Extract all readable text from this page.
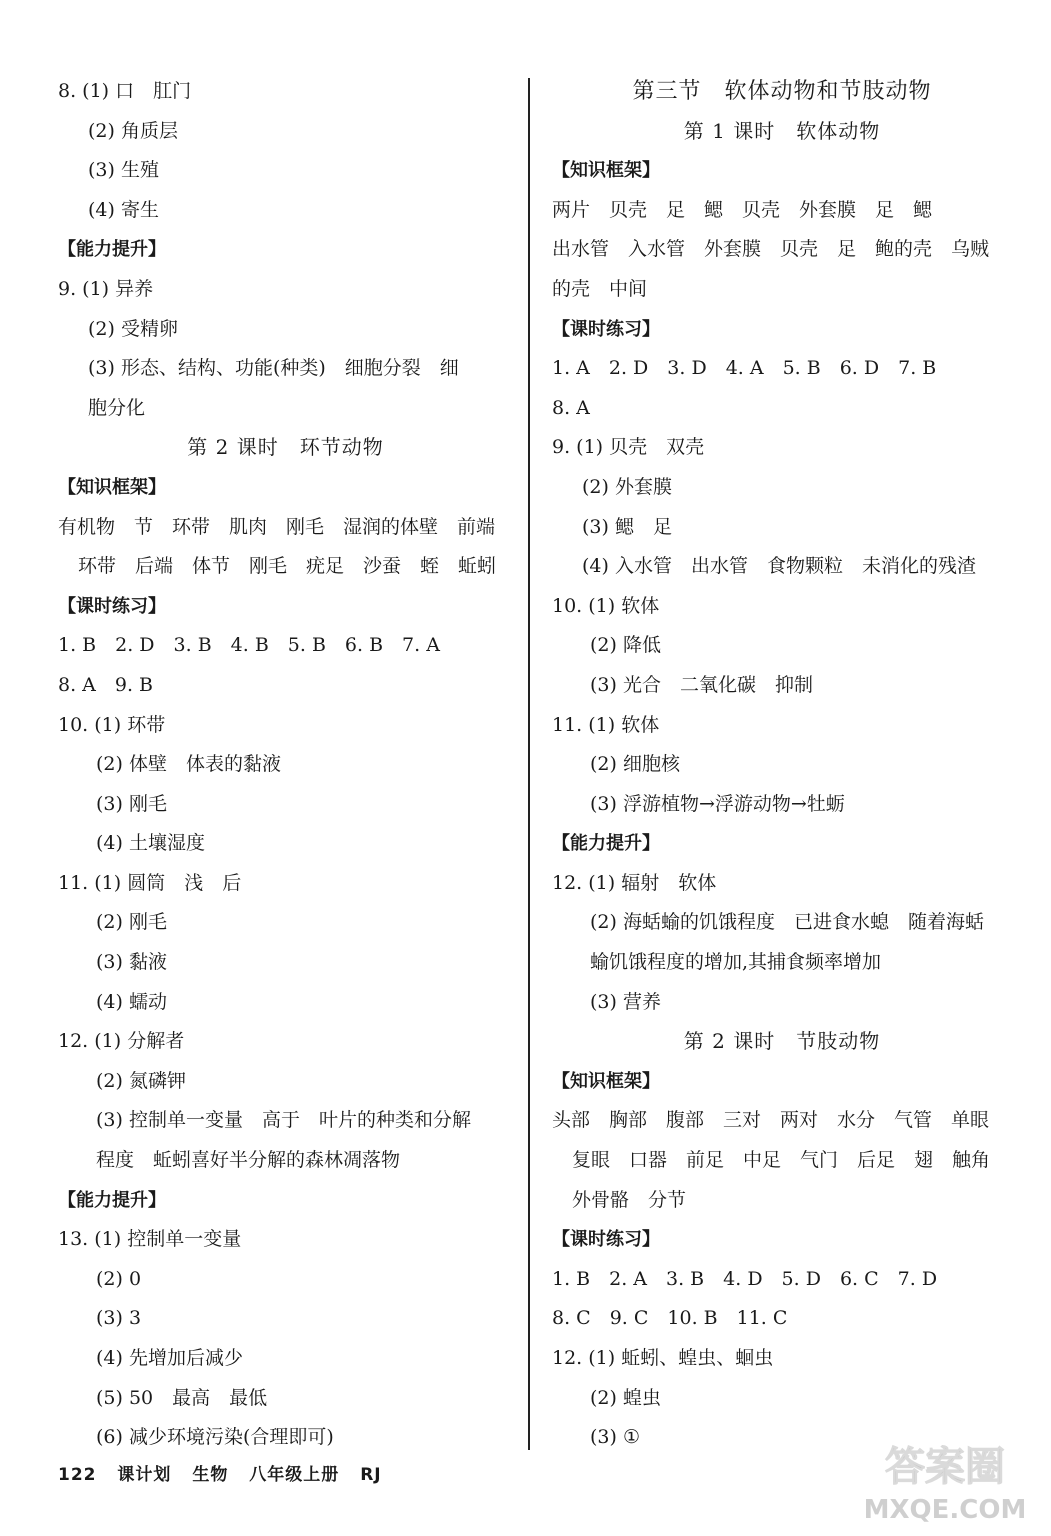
8. (1) 口　肛门
(2) 角质层
(3) 生殖
(4) 寄生
【能力提升】
9. (1) 异养
(2) 受精卵
(3) 形态、结构、功能(种类)　细胞分裂　细
胞分化
第 2 课时　环节动物
【知识框架】
有机物　节　环带　肌肉　刚毛　湿润的体壁　前端
环带　后端　体节　刚毛　疣足　沙蚕　蛭　蚯蚓
【课时练习】
1. B　2. D　3. B　4. B　5. B　6. B　7. A
8. A　9. B
10. (1) 环带
(2) 体壁　体表的黏液
(3) 刚毛
(4) 土壤湿度
11. (1) 圆筒　浅　后
(2) 刚毛
(3) 黏液
(4) 蠕动
12. (1) 分解者
(2) 氮磷钾
(3) 控制单一变量　高于　叶片的种类和分解
程度　蚯蚓喜好半分解的森林凋落物
【能力提升】
13. (1) 控制单一变量
(2) 0
(3) 3
(4) 先增加后减少
(5) 50　最高　最低
(6) 减少环境污染(合理即可)
第三节　软体动物和节肢动物
第 1 课时　软体动物
【知识框架】
两片　贝壳　足　鳃　贝壳　外套膜　足　鳃
出水管　入水管　外套膜　贝壳　足　鲍的壳　乌贼
的壳　中间
【课时练习】
1. A　2. D　3. D　4. A　5. B　6. D　7. B
8. A
9. (1) 贝壳　双壳
(2) 外套膜
(3) 鳃　足
(4) 入水管　出水管　食物颗粒　未消化的残渣
10. (1) 软体
(2) 降低
(3) 光合　二氧化碳　抑制
11. (1) 软体
(2) 细胞核
(3) 浮游植物→浮游动物→牡蛎
【能力提升】
12. (1) 辐射　软体
(2) 海蛞蝓的饥饿程度　已进食水螅　随着海蛞
蝓饥饿程度的增加,其捕食频率增加
(3) 营养
第 2 课时　节肢动物
【知识框架】
头部　胸部　腹部　三对　两对　水分　气管　单眼
复眼　口器　前足　中足　气门　后足　翅　触角
外骨骼　分节
【课时练习】
1. B　2. A　3. B　4. D　5. D　6. C　7. D
8. C　9. C　10. B　11. C
12. (1) 蚯蚓、蝗虫、蛔虫
(2) 蝗虫
(3) ①
122 课计划 生物 八年级上册 RJ	答案圈
MXQE.COM
